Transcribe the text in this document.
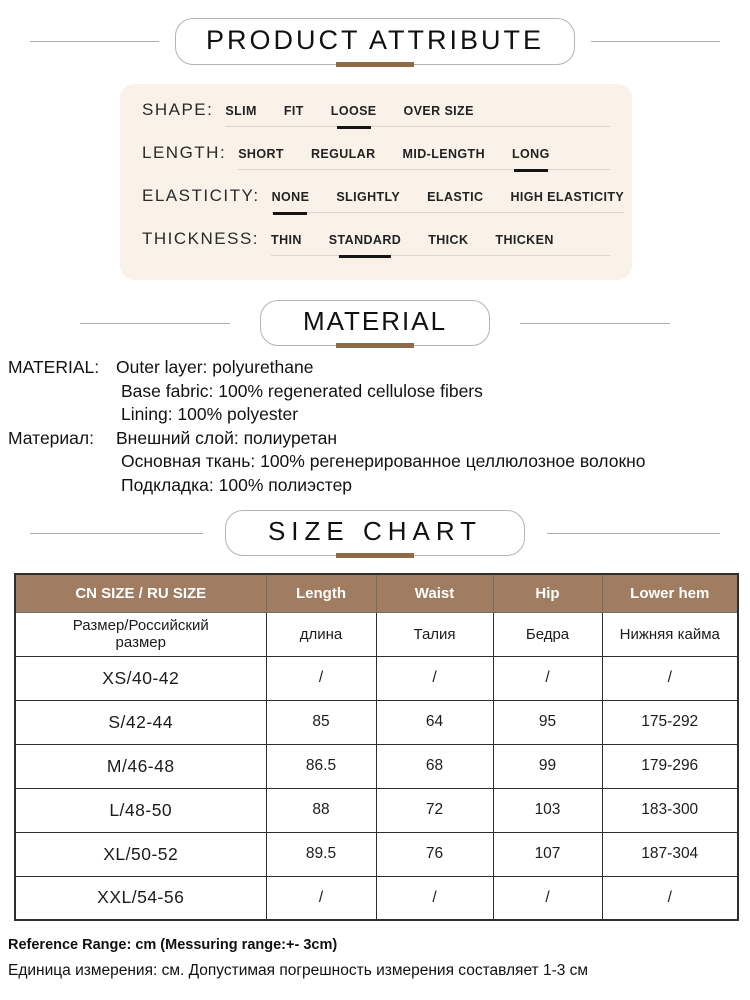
PRODUCT ATTRIBUTE
SHAPE: SLIM FIT LOOSE OVER SIZE
LENGTH: SHORT REGULAR MID-LENGTH LONG
ELASTICITY: NONE SLIGHTLY ELASTIC HIGH ELASTICITY
THICKNESS: THIN STANDARD THICK THICKEN
MATERIAL
MATERIAL: Outer layer: polyurethane
Base fabric: 100% regenerated cellulose fibers
Lining: 100% polyester
Материал:	Внешний слой: полиуретан
Основная ткань: 100% регенерированное целлюлозное волокно
Подкладка: 100% полиэстер
SIZE CHART
CN SIZE / RU SIZE	Length	Waist	Hip	Lower hem
Размер/Российский размер	длина	Талия	Бедра	Нижняя кайма
XS/40-42	/	/	/	/
S/42-44	85	64	95	175-292
M/46-48	86.5	68	99	179-296
L/48-50	88	72	103	183-300
XL/50-52	89.5	76	107	187-304
XXL/54-56	/	/	/	/
Reference Range: cm (Messuring range:+- 3cm)
Единица измерения: см. Допустимая погрешность измерения составляет 1-3 см
